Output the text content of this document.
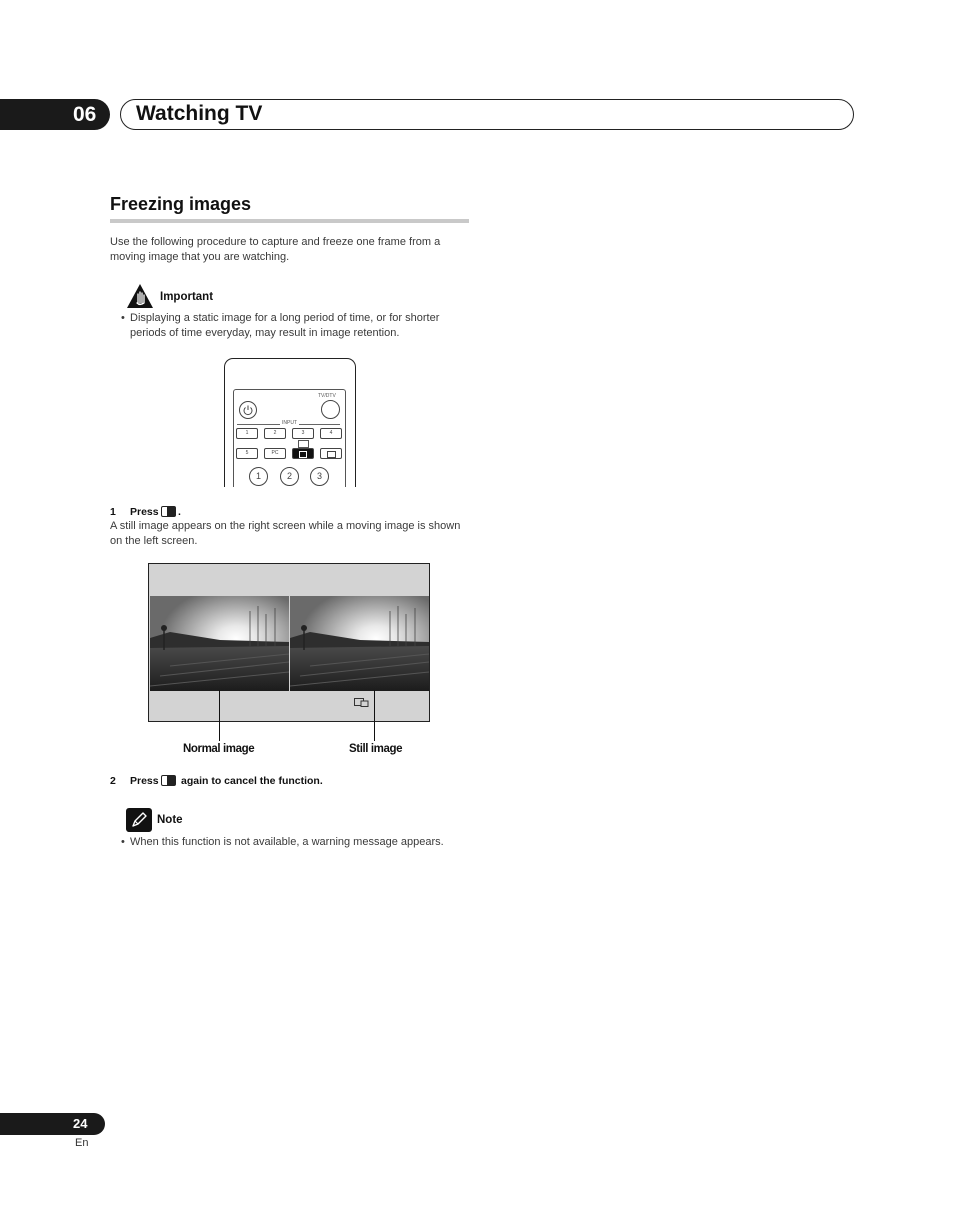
06	Watching TV
Freezing images
Use the following procedure to capture and freeze one frame from a moving image that you are watching.
Important
• Displaying a static image for a long period of time, or for shorter periods of time everyday, may result in image retention.
TV/DTV
INPUT
1	2	3	4
5	PC
1	2	3
1 Press .
A still image appears on the right screen while a moving image is shown on the left screen.
Normal image	Still image
2 Press again to cancel the function.
Note
• When this function is not available, a warning message appears.
24
En
